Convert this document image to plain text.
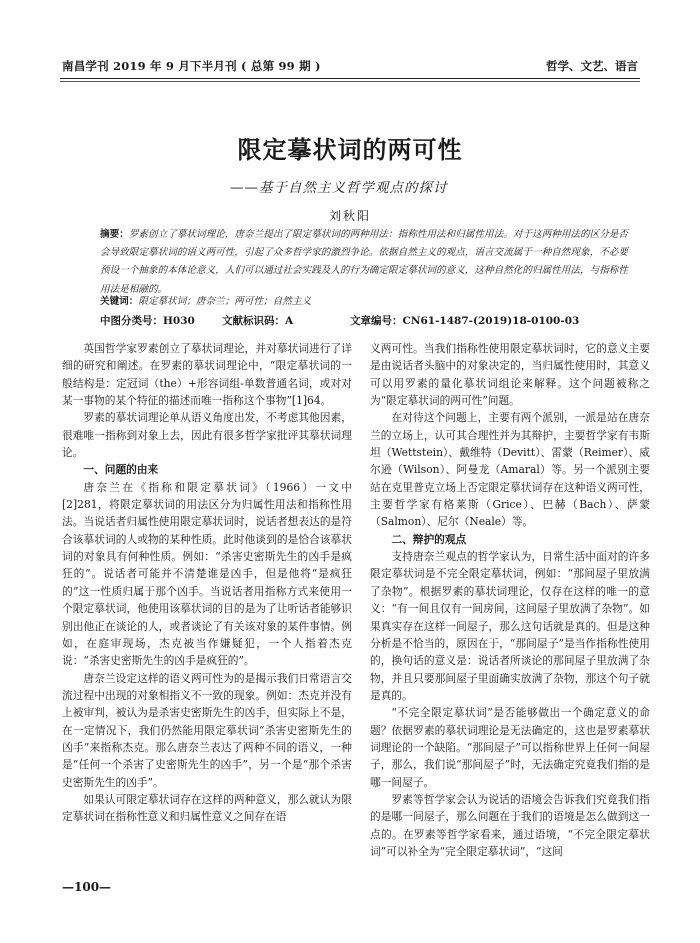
南昌学刊 2019 年 9 月下半月刊 ( 总第 99 期 )	哲学、文艺、语言
限定摹状词的两可性
——基于自然主义哲学观点的探讨
刘秋阳
摘要：罗素创立了摹状词理论，唐奈兰提出了限定摹状词的两种用法：指称性用法和归属性用法。对于这两种用法的区分是否会导致限定摹状词的语义两可性，引起了众多哲学家的激烈争论。依据自然主义的观点，语言交流属于一种自然现象，不必要预设一个抽象的本体论意义，人们可以通过社会实践及人的行为确定限定摹状词的意义，这种自然化的归属性用法，与指称性用法是相融的。
关键词：限定摹状词；唐奈兰；两可性；自然主义
中图分类号：H030	文献标识码：A	文章编号：CN61-1487-(2019)18-0100-03

英国哲学家罗素创立了摹状词理论，并对摹状词进行了详细的研究和阐述。在罗素的摹状词理论中，“限定摹状词的一般结构是：定冠词（the）+形容词组-单数普通名词，或对对某一事物的某个特征的描述而唯一指称这个事物”[1]64。

罗素的摹状词理论单从语义角度出发，不考虑其他因素，很难唯一指称到对象上去，因此有很多哲学家批评其摹状词理论。

一、问题的由来

唐奈兰在《指称和限定摹状词》（1966）一文中[2]281，将限定摹状词的用法区分为归属性用法和指称性用法。当说话者归属性使用限定摹状词时，说话者想表达的是符合该摹状词的人或物的某种性质。此时他谈到的是恰合该摹状词的对象具有何种性质。例如：“杀害史密斯先生的凶手是疯狂的”。说话者可能并不清楚谁是凶手，但是他将“是疯狂的”这一性质归属于那个凶手。当说话者用指称方式来使用一个限定摹状词，他使用该摹状词的目的是为了让听话者能够识别出他正在谈论的人，或者谈论了有关该对象的某件事情。例如，在庭审现场，杰克被当作嫌疑犯，一个人指着杰克说：“杀害史密斯先生的凶手是疯狂的”。

唐奈兰设定这样的语义两可性为的是揭示我们日常语言交流过程中出现的对象相指义不一致的现象。例如：杰克并没有上被审判，被认为是杀害史密斯先生的凶手，但实际上不是，在一定情况下，我们仍然能用限定摹状词“杀害史密斯先生的凶手”来指称杰克。那么唐奈兰表达了两种不同的语义，一种是“任何一个杀害了史密斯先生的凶手”，另一个是“那个杀害史密斯先生的凶手”。

如果认可限定摹状词存在这样的两种意义，那么就认为限定摹状词在指称性意义和归属性意义之间存在语

义两可性。当我们指称性使用限定摹状词时，它的意义主要是由说话者头脑中的对象决定的，当归属性使用时，其意义可以用罗素的量化摹状词组论来解释。这个问题被称之为“限定摹状词的两可性”问题。

在对待这个问题上，主要有两个派别，一派是站在唐奈兰的立场上，认可其合理性并为其辩护，主要哲学家有韦斯坦（Wettstein）、戴维特（Devitt）、雷蒙（Reimer）、威尔逊（Wilson）、阿曼龙（Amaral）等。另一个派别主要站在克里普克立场上否定限定摹状词存在这种语义两可性，主要哲学家有格莱斯（Grice）、巴赫（Bach）、萨蒙（Salmon）、尼尔（Neale）等。

二、辩护的观点

支持唐奈兰观点的哲学家认为，日常生活中面对的许多限定摹状词是不完全限定摹状词，例如：“那间屋子里放满了杂物”。根据罗素的摹状词理论，仅存在这样的唯一的意义：“有一间且仅有一间房间，这间屋子里放满了杂物”。如果真实存在这样一间屋子，那么这句话就是真的。但是这种分析是不恰当的，原因在于，“那间屋子”是当作指称性使用的，换句话的意义是：说话者所谈论的那间屋子里放满了杂物，并且只要那间屋子里面确实放满了杂物，那这个句子就是真的。

“不完全限定摹状词”是否能够做出一个确定意义的命题？依据罗素的摹状词理论是无法确定的，这也是罗素摹状词理论的一个缺陷。“那间屋子”可以指称世界上任何一间屋子，那么，我们说“那间屋子”时，无法确定究竟我们指的是哪一间屋子。

罗素等哲学家会认为说话的语境会告诉我们究竟我们指的是哪一间屋子，那么问题在于我们的语境是怎么做到这一点的。在罗素等哲学家看来，通过语境，“不完全限定摹状词”可以补全为“完全限定摹状词”，“这间

—100—
